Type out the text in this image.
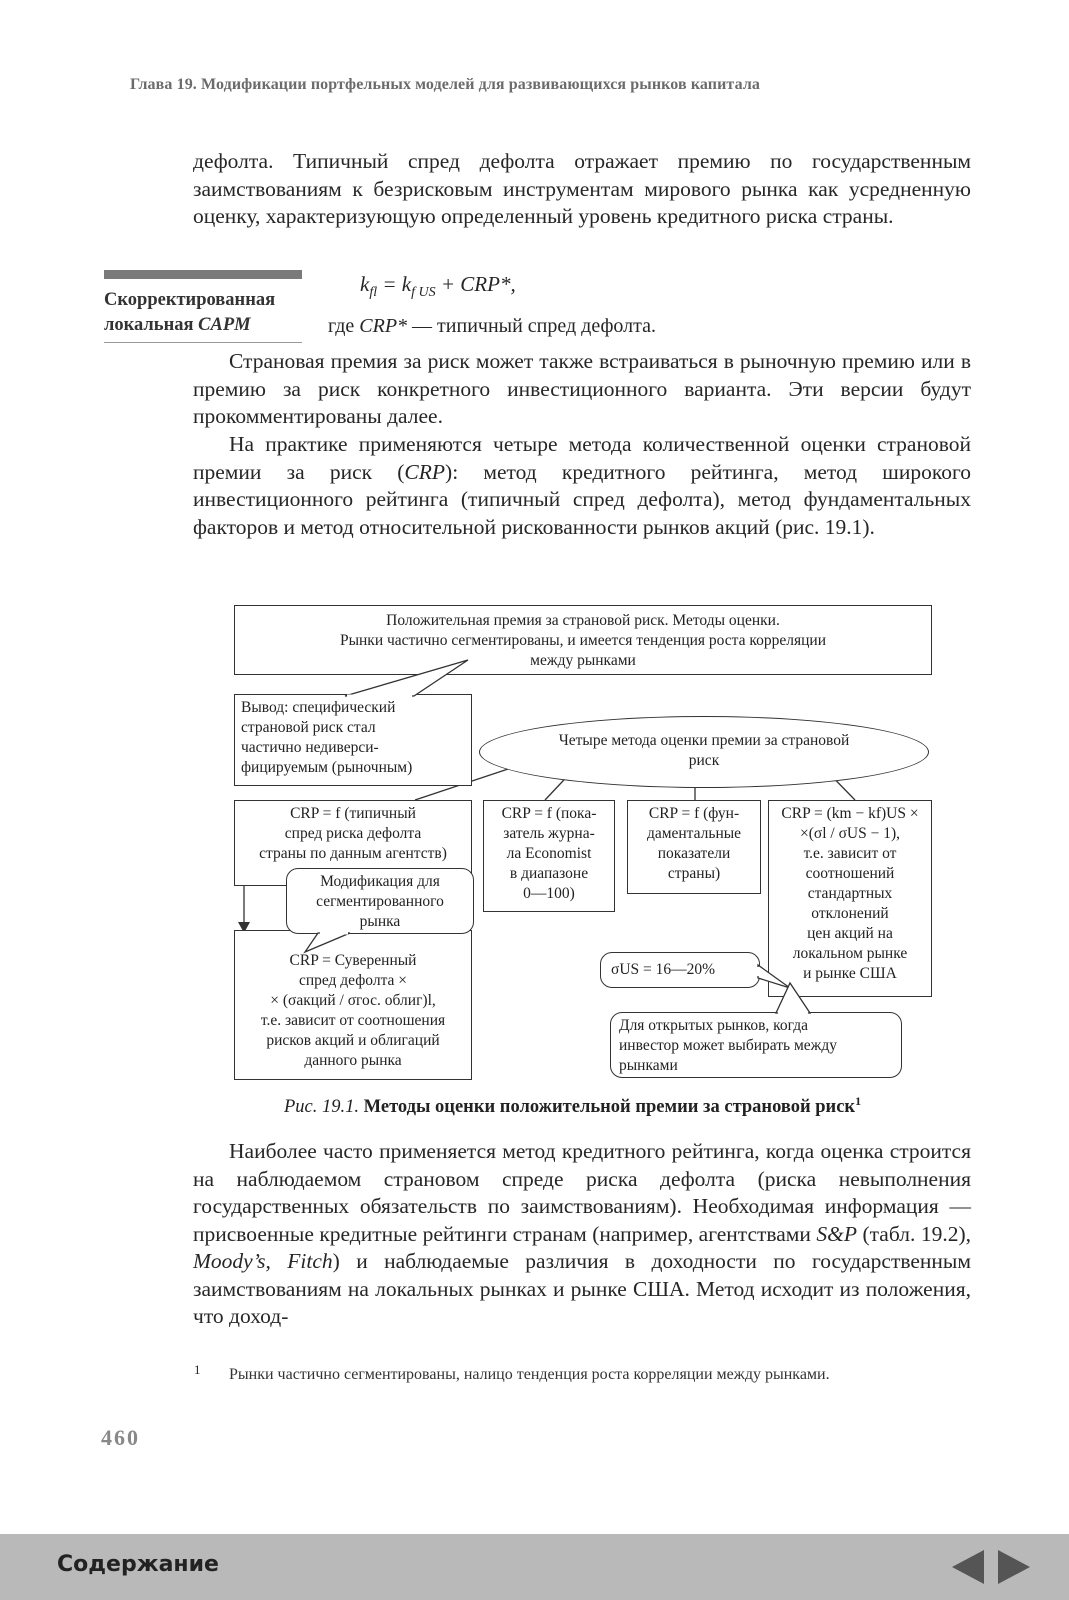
Глава 19. Модификации портфельных моделей для развивающихся рынков капитала

дефолта. Типичный спред дефолта отражает премию по государственным заимствованиям к безрисковым инструментам мирового рынка как усредненную оценку, характеризующую определенный уровень кредитного риска страны.

Скорректированная
локальная CAPM
$k_{fl} = k_{f US} + CRP*$,
где CRP* — типичный спред дефолта.

Страновая премия за риск может также встраиваться в рыночную премию или в премию за риск конкретного инвестиционного варианта. Эти версии будут прокомментированы далее.

На практике применяются четыре метода количественной оценки страновой премии за риск (CRP): метод кредитного рейтинга, метод широкого инвестиционного рейтинга (типичный спред дефолта), метод фундаментальных факторов и метод относительной рискованности рынков акций (рис. 19.1).

Положительная премия за страновой риск. Методы оценки.
Рынки частично сегментированы, и имеется тенденция роста корреляции
между рынками
Вывод: специфический
страновой риск стал
частично недиверси-
фицируемым (рыночным)
Четыре метода оценки премии за страновой
риск
CRP = f (типичный
спред риска дефолта
страны по данным агентств)
CRP = f (пока-
затель журна-
ла Economist
в диапазоне
0—100)
CRP = f (фун-
даментальные
показатели
страны)
CRP = (km − kf)US ×
×(σl / σUS − 1),
т.е. зависит от
соотношений
стандартных
отклонений
цен акций на
локальном рынке
и рынке США
CRP = Суверенный
спред дефолта ×
× (σакций / σгос. облиг)l,
т.е. зависит от соотношения
рисков акций и облигаций
данного рынка
Модификация для
сегментированного
рынка
σUS = 16—20%
Для открытых рынков, когда
инвестор может выбирать между
рынками
Рис. 19.1. Методы оценки положительной премии за страновой риск$^1$

Наиболее часто применяется метод кредитного рейтинга, когда оценка строится на наблюдаемом страновом спреде риска дефолта (риска невыполнения государственных обязательств по заимствованиям). Необходимая информация — присвоенные кредитные рейтинги странам (например, агентствами S&P (табл. 19.2), Moody’s, Fitch) и наблюдаемые различия в доходности по государственным заимствованиям на локальных рынках и рынке США. Метод исходит из положения, что доход-

1 Рынки частично сегментированы, налицо тенденция роста корреляции между рынками.
460
Содержание
